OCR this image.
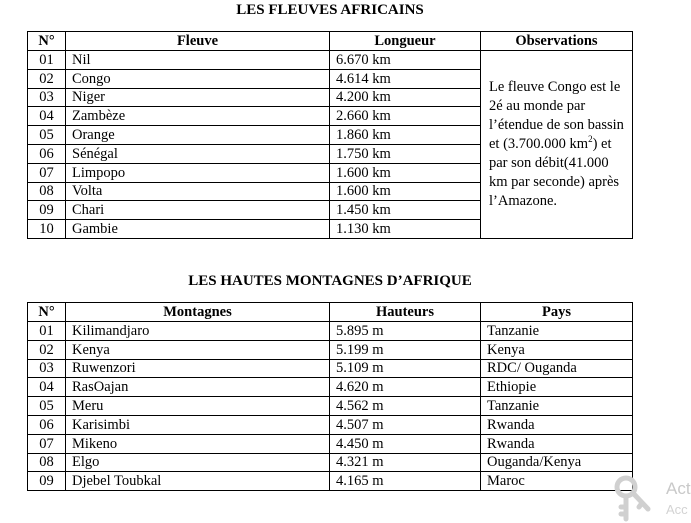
LES FLEUVES AFRICAINS
N°	Fleuve	Longueur	Observations
01	Nil	6.670 km	Le fleuve Congo est le 2é au monde par l’étendue de son bassin et (3.700.000 $km^2$) et par son débit(41.000 km par seconde) après l’Amazone.
02	Congo	4.614 km	
03	Niger	4.200 km	
04	Zambèze	2.660 km	
05	Orange	1.860 km	
06	Sénégal	1.750 km	
07	Limpopo	1.600 km	
08	Volta	1.600 km	
09	Chari	1.450 km	
10	Gambie	1.130 km	
LES HAUTES MONTAGNES D’AFRIQUE
N°	Montagnes	Hauteurs	Pays
01	Kilimandjaro	5.895 m	Tanzanie
02	Kenya	5.199 m	Kenya
03	Ruwenzori	5.109 m	RDC/ Ouganda
04	RasOajan	4.620 m	Ethiopie
05	Meru	4.562 m	Tanzanie
06	Karisimbi	4.507 m	Rwanda
07	Mikeno	4.450 m	Rwanda
08	Elgo	4.321 m	Ouganda/Kenya
09	Djebel Toubkal	4.165 m	Maroc	Act
Acc
